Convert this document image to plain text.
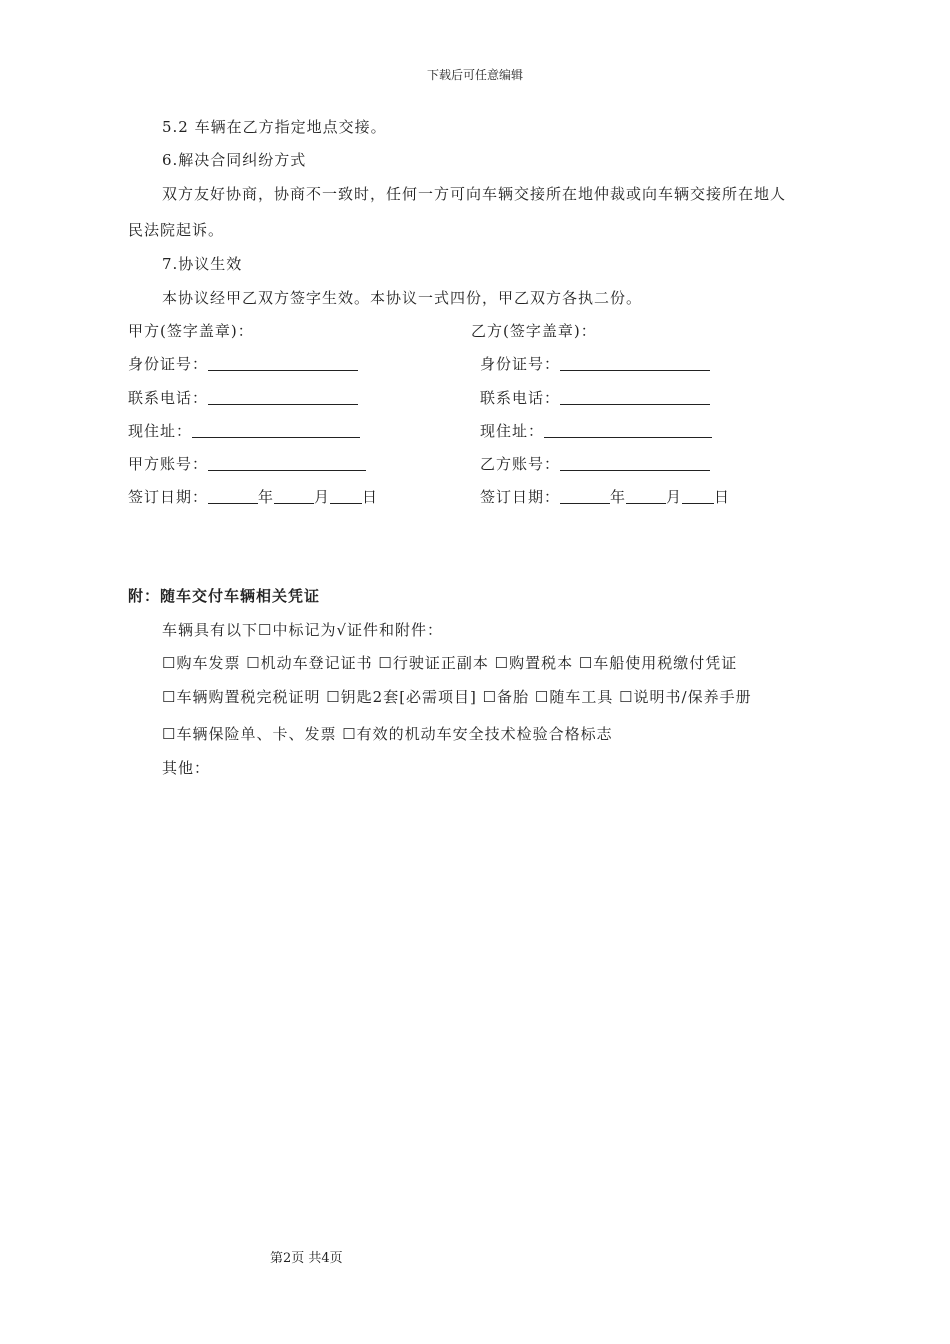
下载后可任意编辑
5.2 车辆在乙方指定地点交接。
6.解决合同纠纷方式
双方友好协商，协商不一致时，任何一方可向车辆交接所在地仲裁或向车辆交接所在地人
民法院起诉。
7.协议生效
本协议经甲乙双方签字生效。本协议一式四份，甲乙双方各执二份。
甲方(签字盖章)：
身份证号：
联系电话：
现住址：
甲方账号：
签订日期：	年	月 日
乙方(签字盖章)：
身份证号：
联系电话：
现住址：
乙方账号：
签订日期：	年	月 日
附：随车交付车辆相关凭证
车辆具有以下☐中标记为√证件和附件：
☐购车发票 ☐机动车登记证书 ☐行驶证正副本 ☐购置税本 ☐车船使用税缴付凭证
☐车辆购置税完税证明 ☐钥匙2套[必需项目] ☐备胎 ☐随车工具 ☐说明书/保养手册
☐车辆保险单、卡、发票 ☐有效的机动车安全技术检验合格标志
其他：
第2页 共4页
